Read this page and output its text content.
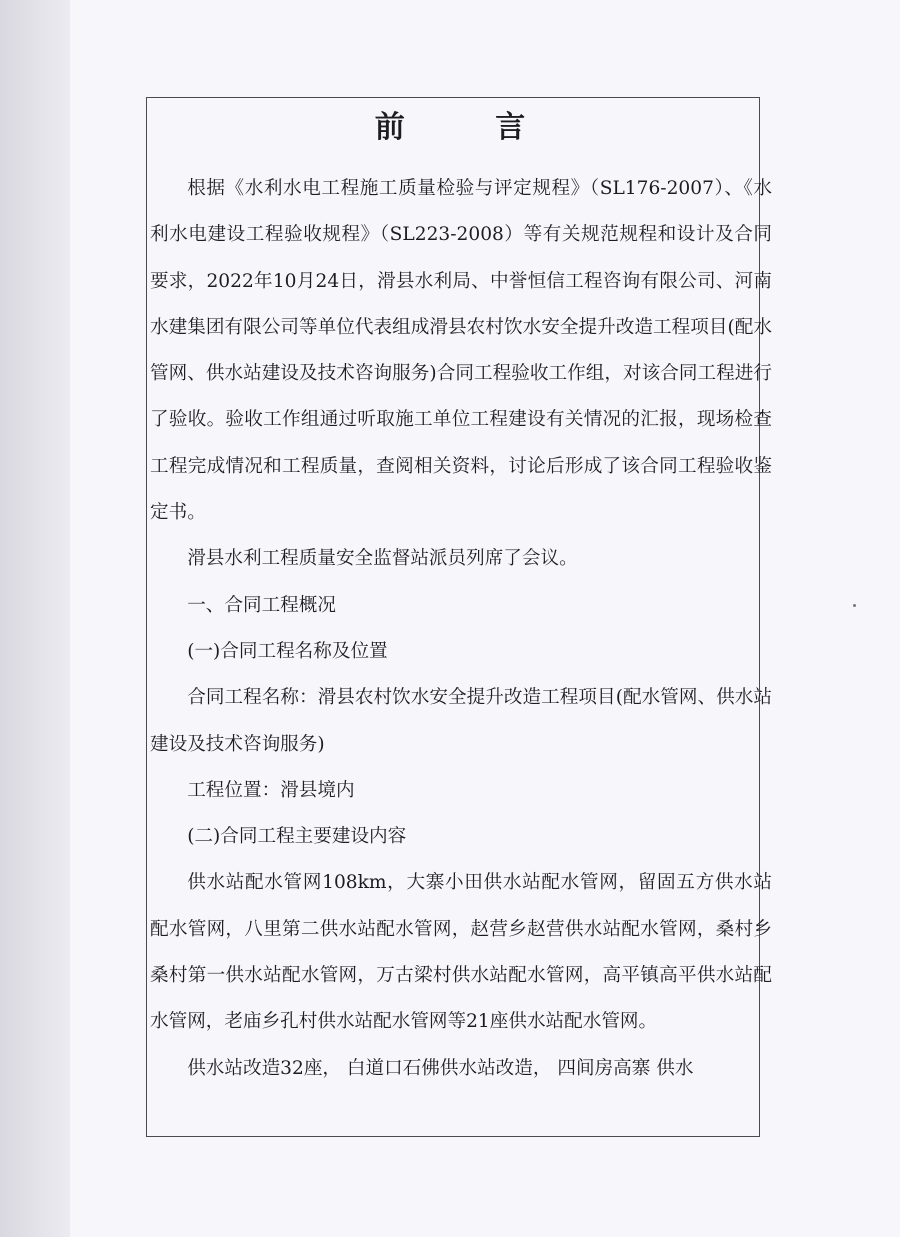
前 言

根据《水利水电工程施工质量检验与评定规程》（SL176-2007）、《水利水电建设工程验收规程》（SL223-2008）等有关规范规程和设计及合同要求，2022年10月24日，滑县水利局、中誉恒信工程咨询有限公司、河南水建集团有限公司等单位代表组成滑县农村饮水安全提升改造工程项目(配水管网、供水站建设及技术咨询服务)合同工程验收工作组，对该合同工程进行了验收。验收工作组通过听取施工单位工程建设有关情况的汇报，现场检查工程完成情况和工程质量，查阅相关资料，讨论后形成了该合同工程验收鉴定书。

滑县水利工程质量安全监督站派员列席了会议。

一、合同工程概况

(一)合同工程名称及位置

合同工程名称：滑县农村饮水安全提升改造工程项目(配水管网、供水站建设及技术咨询服务)

工程位置：滑县境内

(二)合同工程主要建设内容

供水站配水管网108km，大寨小田供水站配水管网，留固五方供水站配水管网，八里第二供水站配水管网，赵营乡赵营供水站配水管网，桑村乡桑村第一供水站配水管网，万古梁村供水站配水管网，高平镇高平供水站配水管网，老庙乡孔村供水站配水管网等21座供水站配水管网。

供水站改造32座， 白道口石佛供水站改造， 四间房高寨 供水
